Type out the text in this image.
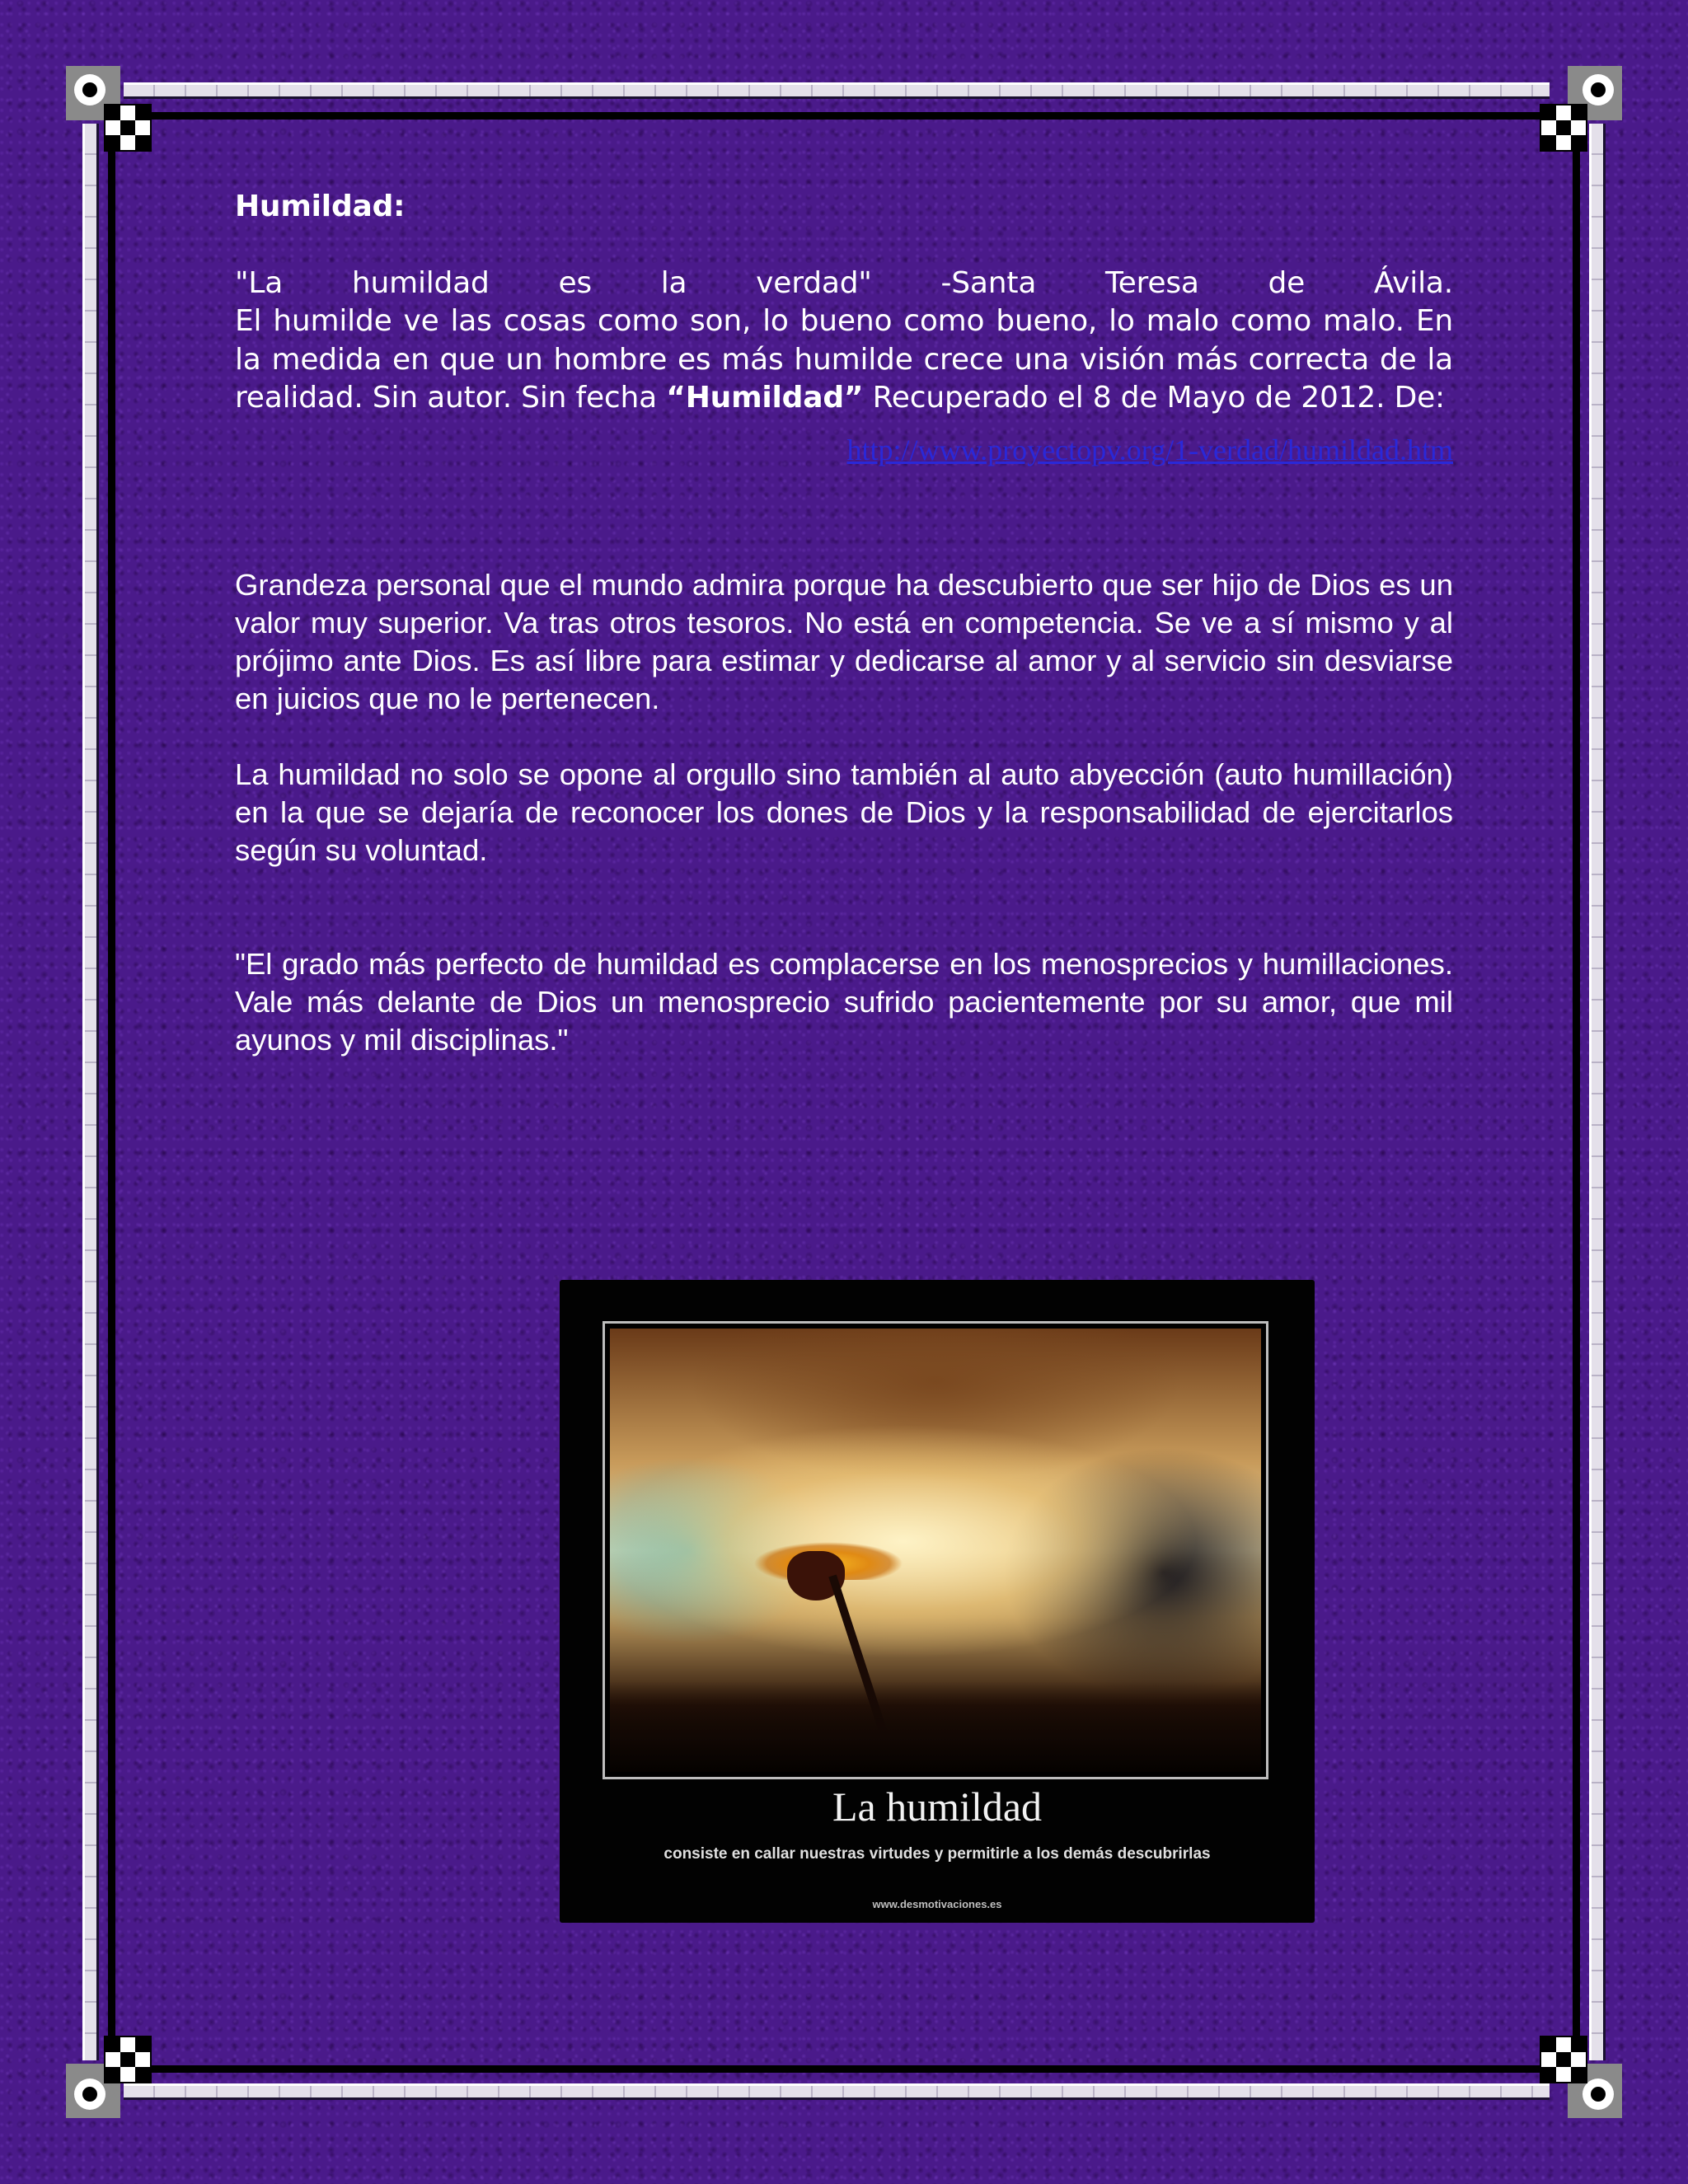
Humildad:

"La humildad es la verdad" -Santa Teresa de Ávila.

El humilde ve las cosas como son, lo bueno como bueno, lo malo como malo. En la medida en que un hombre es más humilde crece una visión más correcta de la realidad. Sin autor. Sin fecha “Humildad” Recuperado el 8 de Mayo de 2012. De:

http://www.proyectopv.org/1-verdad/humildad.htm

Grandeza personal que el mundo admira porque ha descubierto que ser hijo de Dios es un valor muy superior. Va tras otros tesoros. No está en competencia. Se ve a sí mismo y al prójimo ante Dios. Es así libre para estimar y dedicarse al amor y al servicio sin desviarse en juicios que no le pertenecen.

La humildad no solo se opone al orgullo sino también al auto abyección (auto humillación) en la que se dejaría de reconocer los dones de Dios y la responsabilidad de ejercitarlos según su voluntad.

"El grado más perfecto de humildad es complacerse en los menosprecios y humillaciones. Vale más delante de Dios un menosprecio sufrido pacientemente por su amor, que mil ayunos y mil disciplinas."

La humildad
consiste en callar nuestras virtudes y permitirle a los demás descubrirlas
www.desmotivaciones.es
